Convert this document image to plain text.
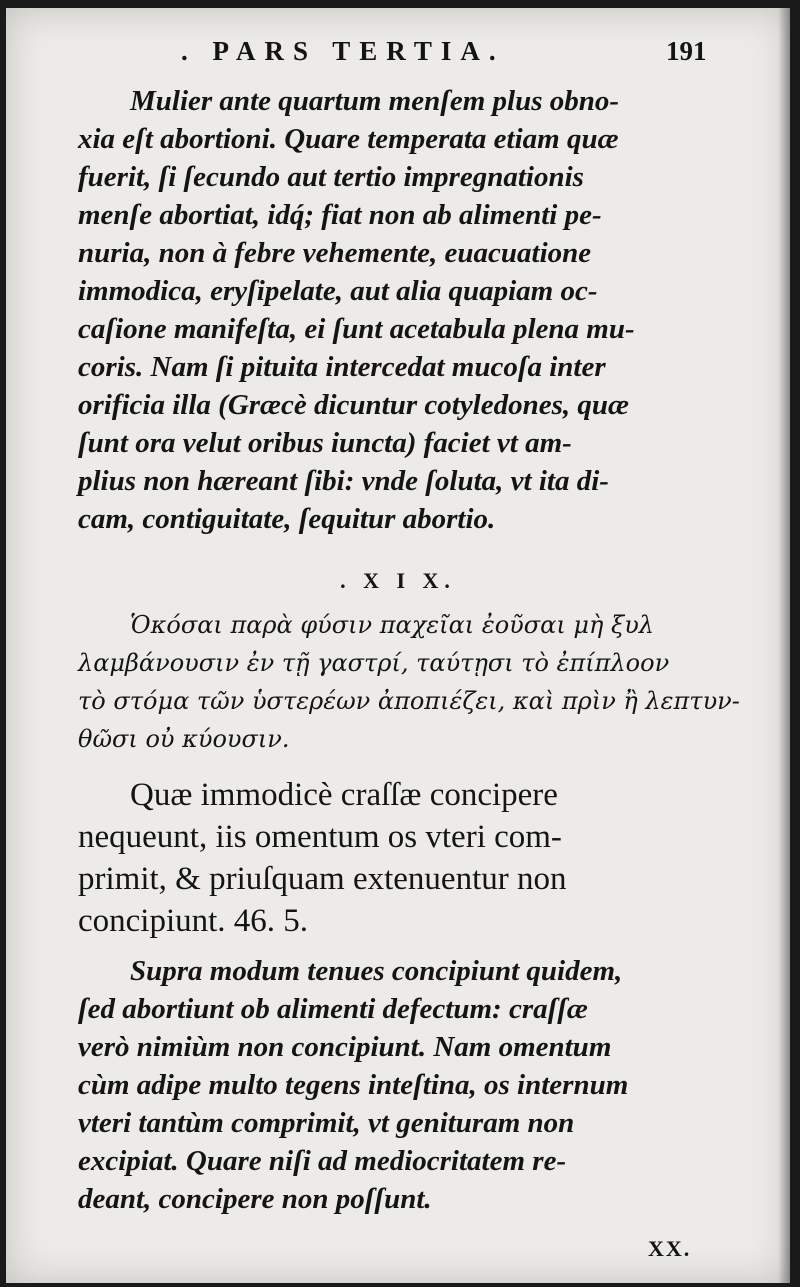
. PARS TERTIA.	191
Mulier ante quartum menſem plus obno-
xia eſt abortioni. Quare temperata etiam quæ
fuerit, ſi ſecundo aut tertio impregnationis
menſe abortiat, idq́; fiat non ab alimenti pe-
nuria, non à febre vehemente, euacuatione
immodica, eryſipelate, aut alia quapiam oc-
caſione manifeſta, ei ſunt acetabula plena mu-
coris. Nam ſi pituita intercedat mucoſa inter
orificia illa (Græcè dicuntur cotyledones, quæ
ſunt ora velut oribus iuncta) faciet vt am-
plius non hæreant ſibi: vnde ſoluta, vt ita di-
cam, contiguitate, ſequitur abortio.
. X I X.
Ὁκόσαι παρὰ φύσιν παχεῖαι ἐοῦσαι μὴ ξυλ
λαμβάνουσιν ἐν τῇ γαστρί, ταύτῃσι τὸ ἐπίπλοον
τὸ στόμα τῶν ὑστερέων ἀποπιέζει, καὶ πρὶν ἢ λεπτυν-
θῶσι οὐ κύουσιν.
Quæ immodicè craſſæ concipere
nequeunt, iis omentum os vteri com-
primit, & priuſquam extenuentur non
concipiunt. 46. 5.
Supra modum tenues concipiunt quidem,
ſed abortiunt ob alimenti defectum: craſſæ
verò nimiùm non concipiunt. Nam omentum
cùm adipe multo tegens inteſtina, os internum
vteri tantùm comprimit, vt genituram non
excipiat. Quare niſi ad mediocritatem re-
deant, concipere non poſſunt.
XX.
